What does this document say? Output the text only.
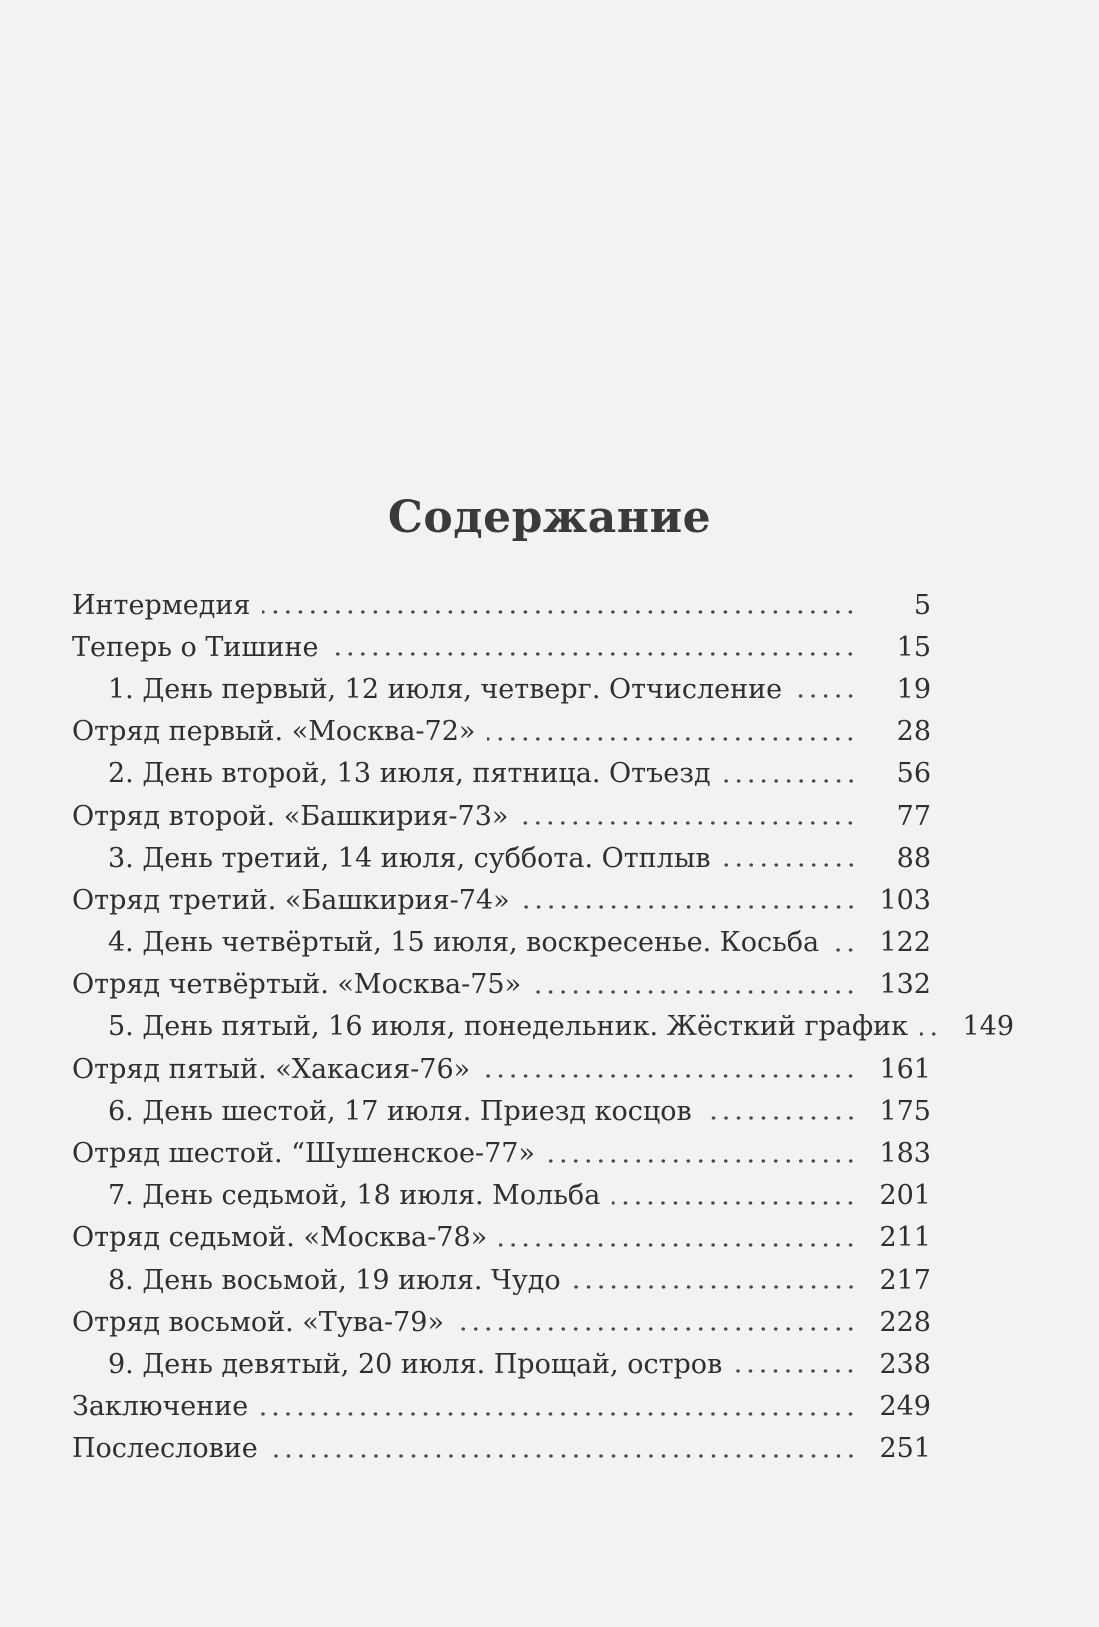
Содержание
Интермедия	5
Теперь о Тишине	15
1. День первый, 12 июля, четверг. Отчисление	19
Отряд первый. «Москва-72»	28
2. День второй, 13 июля, пятница. Отъезд	56
Отряд второй. «Башкирия-73»	77
3. День третий, 14 июля, суббота. Отплыв	88
Отряд третий. «Башкирия-74»	103
4. День четвёртый, 15 июля, воскресенье. Косьба	122
Отряд четвёртый. «Москва-75»	132
5. День пятый, 16 июля, понедельник. Жёсткий график	149
Отряд пятый. «Хакасия-76»	161
6. День шестой, 17 июля. Приезд косцов	175
Отряд шестой. “Шушенское-77»	183
7. День седьмой, 18 июля. Мольба	201
Отряд седьмой. «Москва-78»	211
8. День восьмой, 19 июля. Чудо	217
Отряд восьмой. «Тува-79»	228
9. День девятый, 20 июля. Прощай, остров	238
Заключение	249
Послесловие	251
